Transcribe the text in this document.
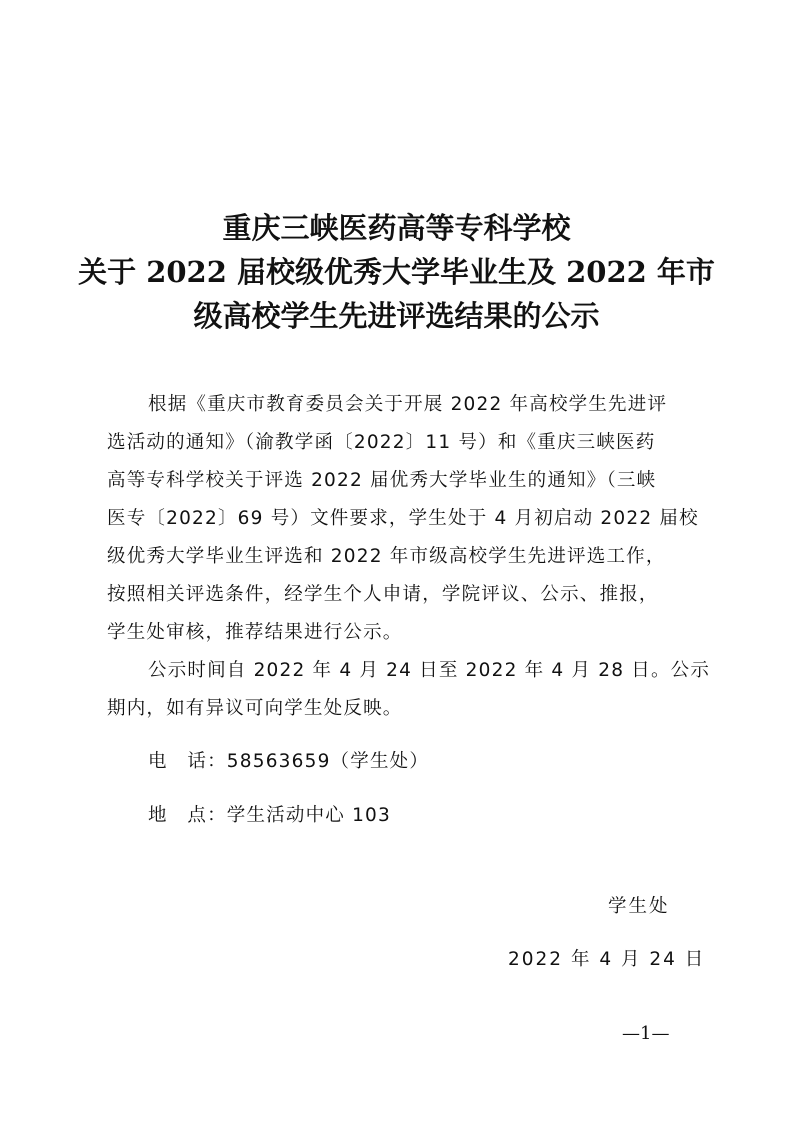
重庆三峡医药高等专科学校
关于 2022 届校级优秀大学毕业生及 2022 年市
级高校学生先进评选结果的公示
根据《重庆市教育委员会关于开展 2022 年高校学生先进评
选活动的通知》（渝教学函〔2022〕11 号）和《重庆三峡医药
高等专科学校关于评选 2022 届优秀大学毕业生的通知》（三峡
医专〔2022〕69 号）文件要求，学生处于 4 月初启动 2022 届校
级优秀大学毕业生评选和 2022 年市级高校学生先进评选工作，
按照相关评选条件，经学生个人申请，学院评议、公示、推报，
学生处审核，推荐结果进行公示。
公示时间自 2022 年 4 月 24 日至 2022 年 4 月 28 日。公示
期内，如有异议可向学生处反映。
电　话：58563659（学生处）
地　点：学生活动中心 103
学生处
2022 年 4 月 24 日
—1—
